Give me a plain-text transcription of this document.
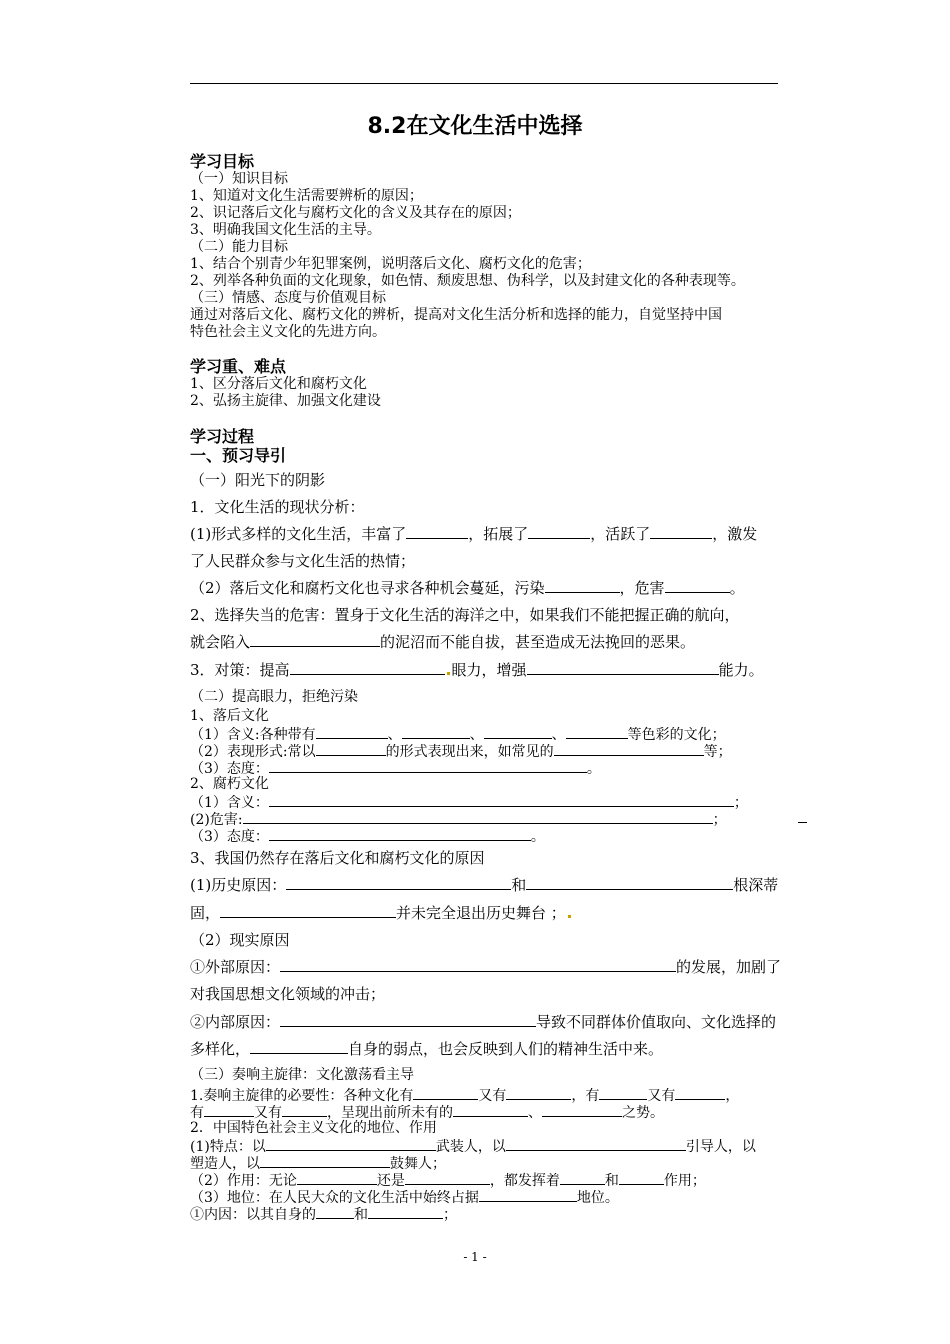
8.2在文化生活中选择
学习目标
（一）知识目标
1、知道对文化生活需要辨析的原因；
2、识记落后文化与腐朽文化的含义及其存在的原因；
3、明确我国文化生活的主导。
（二）能力目标
1、结合个别青少年犯罪案例，说明落后文化、腐朽文化的危害；
2、列举各种负面的文化现象，如色情、颓废思想、伪科学，以及封建文化的各种表现等。
（三）情感、态度与价值观目标
通过对落后文化、腐朽文化的辨析，提高对文化生活分析和选择的能力，自觉坚持中国
特色社会主义文化的先进方向。
学习重、难点
1、区分落后文化和腐朽文化
2、弘扬主旋律、加强文化建设
学习过程
一、预习导引
（一）阳光下的阴影
1．文化生活的现状分析：
(1)形式多样的文化生活，丰富了	，拓展了	，活跃了	，激发
了人民群众参与文化生活的热情；
（2）落后文化和腐朽文化也寻求各种机会蔓延，污染	，危害	。
2、选择失当的危害：置身于文化生活的海洋之中，如果我们不能把握正确的航向，
就会陷入	的泥沼而不能自拔，甚至造成无法挽回的恶果。
3．对策：提高	眼力，增强	能力。
（二）提高眼力，拒绝污染
1、落后文化
（1）含义:各种带有	、	、	、	等色彩的文化；
（2）表现形式:常以	的形式表现出来，如常见的	等；
（3）态度：	。
2、腐朽文化
（1）含义：	；
(2)危害:	；
（3）态度：	。
3、我国仍然存在落后文化和腐朽文化的原因
(1)历史原因：	和	根深蒂
固，	并未完全退出历史舞台 ；
（2）现实原因
①外部原因：	的发展，加剧了
对我国思想文化领域的冲击；
②内部原因：	导致不同群体价值取向、文化选择的
多样化，	自身的弱点，也会反映到人们的精神生活中来。
（三）奏响主旋律：文化激荡看主导
1.奏响主旋律的必要性：各种文化有	又有	，有	又有	，
有	又有	，呈现出前所未有的	、	之势。
2．中国特色社会主义文化的地位、作用
(1)特点：以	武装人，以	引导人，以
塑造人，以	鼓舞人；
（2）作用：无论	还是	，都发挥着	和	作用；
（3）地位：在人民大众的文化生活中始终占据	地位。
①内因：以其自身的	和	；
- 1 -
